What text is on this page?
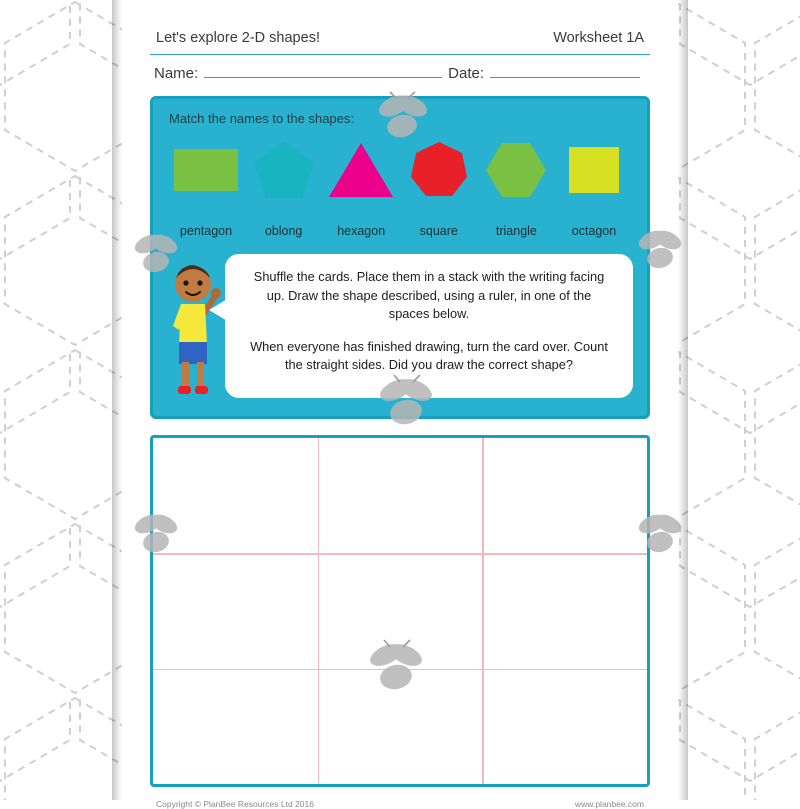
Let's explore 2-D shapes!	Worksheet 1A
Name:	Date:
Match the names to the shapes:
pentagon	oblong	hexagon	square	triangle	octagon

Shuffle the cards. Place them in a stack with the writing facing up. Draw the shape described, using a ruler, in one of the spaces below.

When everyone has finished drawing, turn the card over. Count the straight sides. Did you draw the correct shape?

Copyright © PlanBee Resources Ltd 2016	www.planbee.com
